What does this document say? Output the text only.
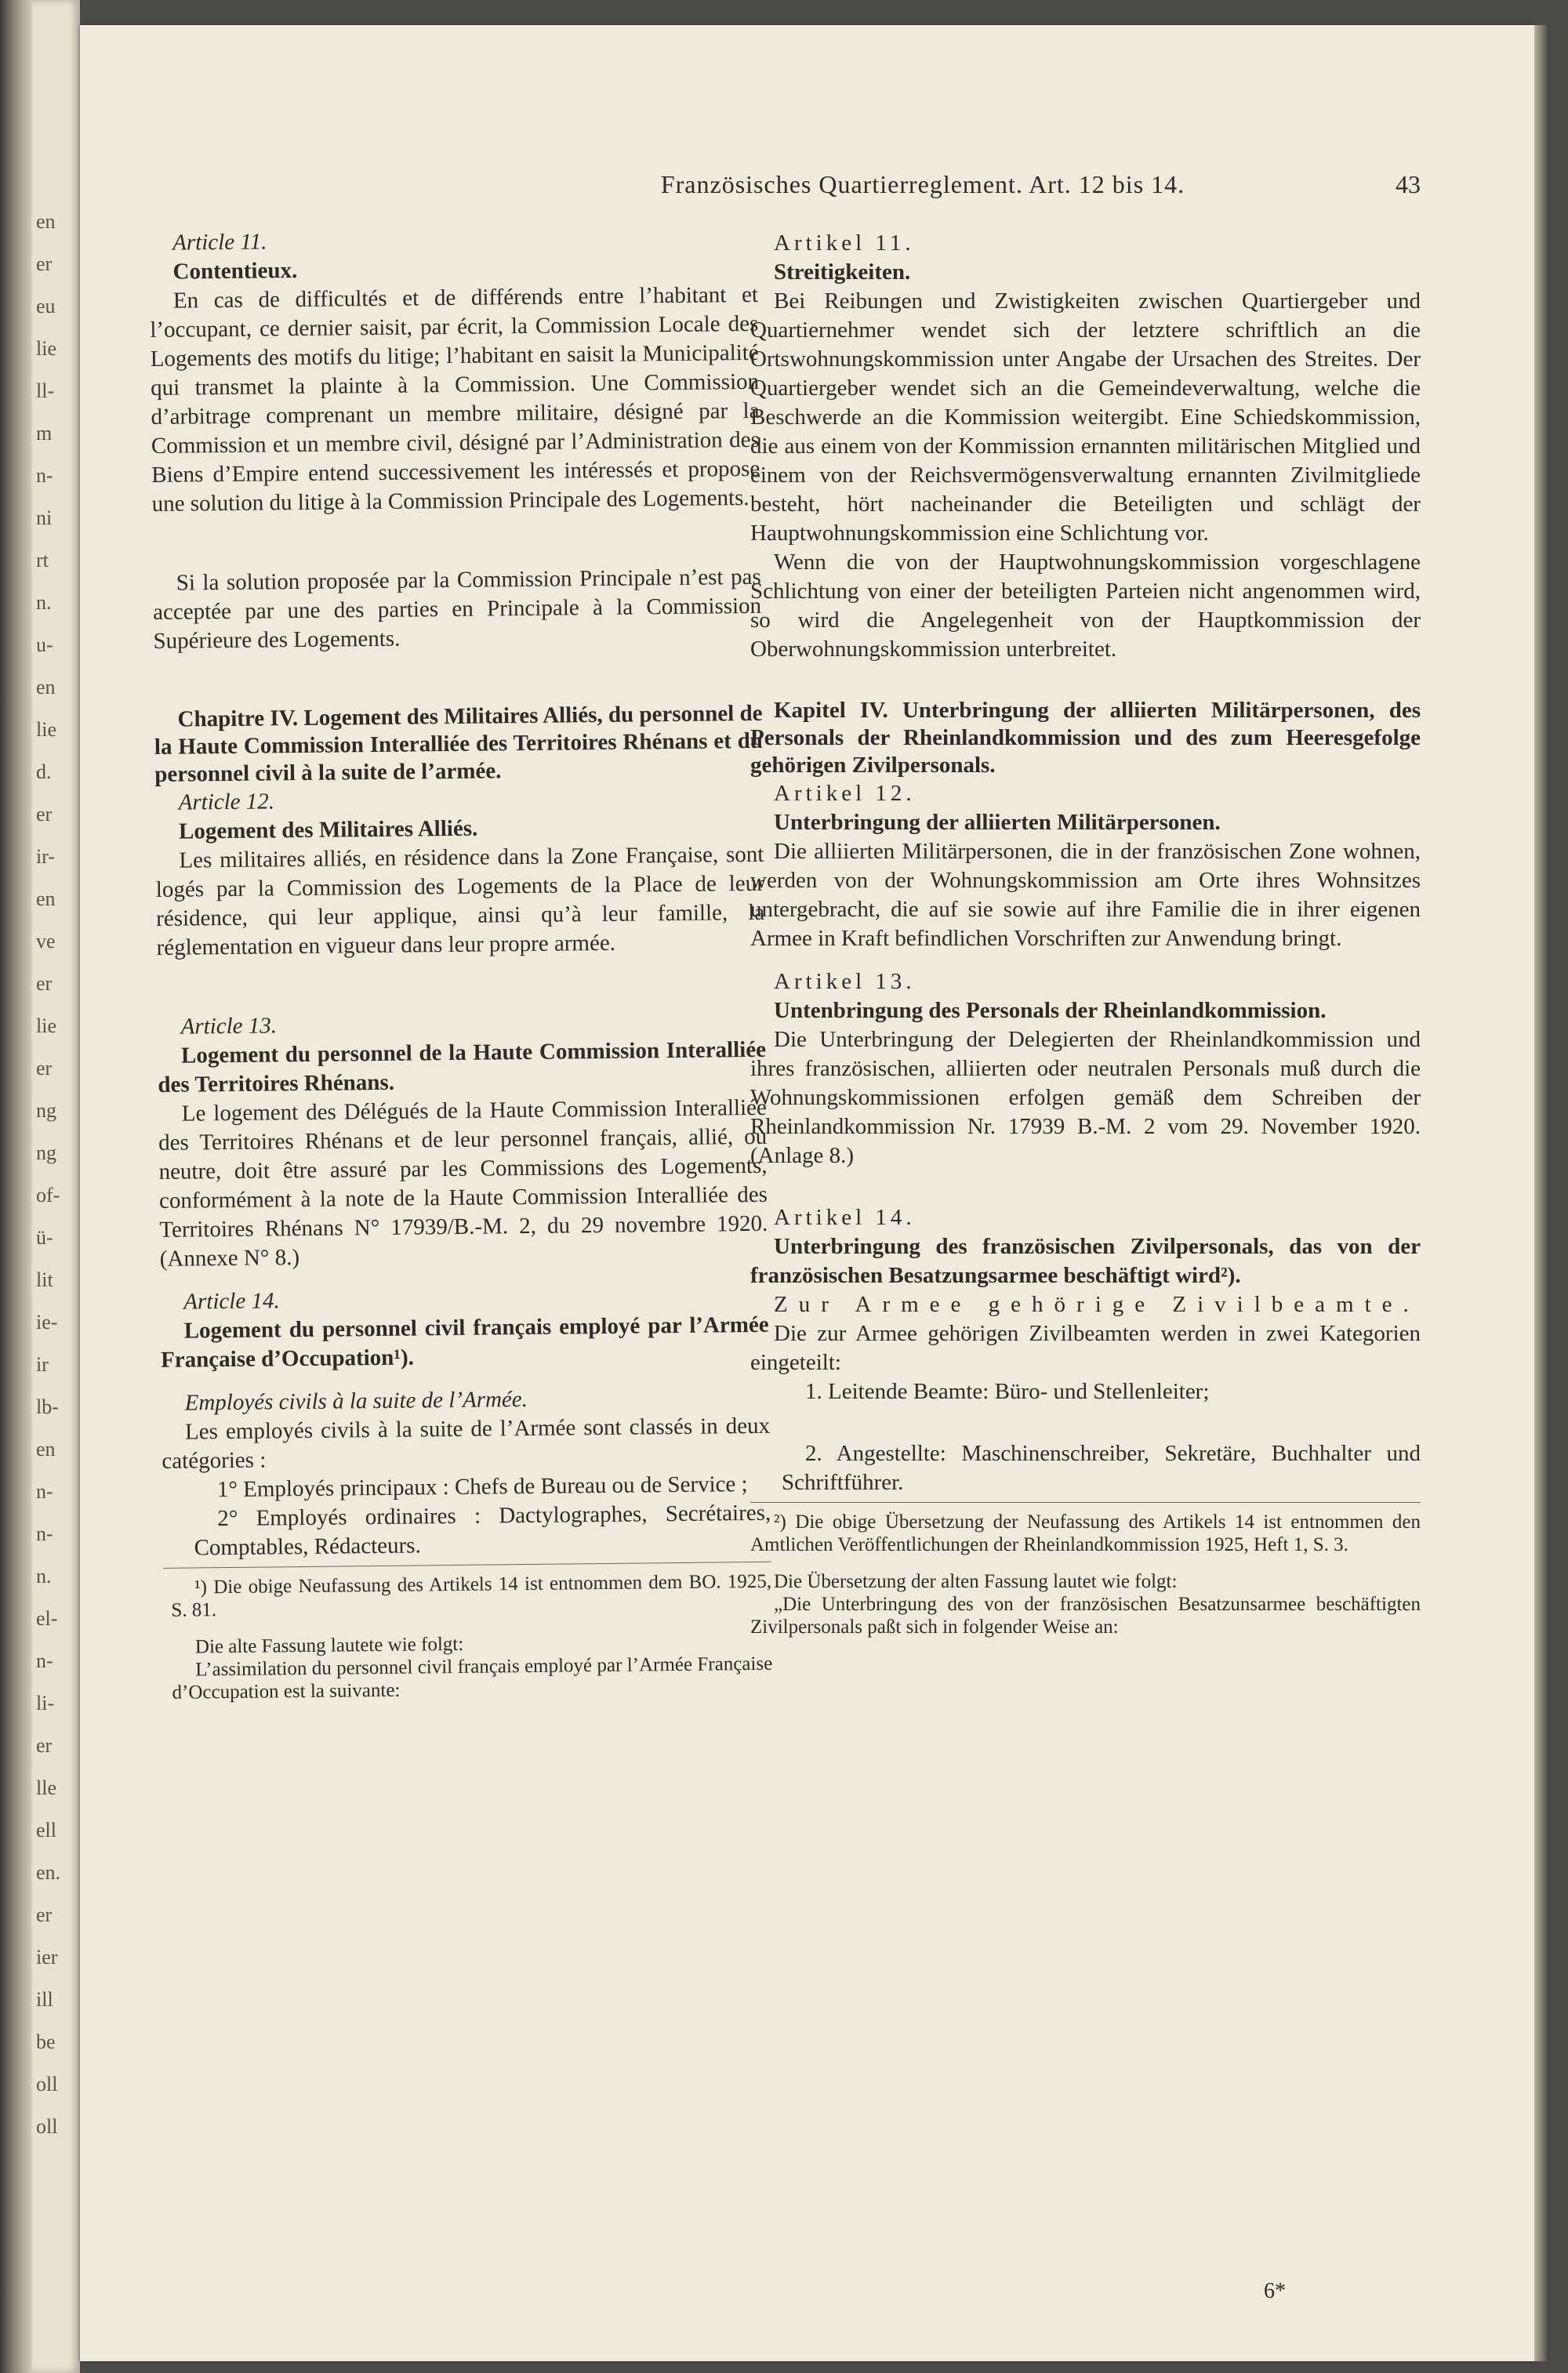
en
er
eu
lie
ll-
m
n-
ni
rt
n.
u-
en
lie
d.
er
ir-
en
ve
er
lie
er
ng
ng
of-
ü-
lit
ie-
ir
lb-
en
n-
n-
n.
el-
n-
li-
er
lle
ell
en.
er
ier
ill
be
oll
oll
Französisches Quartierreglement. Art. 12 bis 14.	43

Article 11.

Contentieux.

En cas de difficultés et de différends entre l’habitant et l’occupant, ce dernier saisit, par écrit, la Commission Locale des Logements des motifs du litige; l’habitant en saisit la Municipalité qui transmet la plainte à la Commission. Une Commission d’arbitrage comprenant un membre militaire, désigné par la Commission et un membre civil, désigné par l’Administration des Biens d’Empire entend successivement les intéressés et propose une solution du litige à la Commission Principale des Logements.

Si la solution proposée par la Commission Principale n’est pas acceptée par une des parties en Principale à la Commission Supérieure des Logements.

Chapitre IV. Logement des Militaires Alliés, du personnel de la Haute Commission Interalliée des Territoires Rhénans et du personnel civil à la suite de l’armée.

Article 12.

Logement des Militaires Alliés.

Les militaires alliés, en résidence dans la Zone Française, sont logés par la Commission des Logements de la Place de leur résidence, qui leur applique, ainsi qu’à leur famille, la réglementation en vigueur dans leur propre armée.

Article 13.

Logement du personnel de la Haute Commission Interalliée des Territoires Rhénans.

Le logement des Délégués de la Haute Commission Interalliée des Territoires Rhénans et de leur personnel français, allié, ou neutre, doit être assuré par les Commissions des Logements, conformément à la note de la Haute Commission Interalliée des Territoires Rhénans N° 17939/B.-M. 2, du 29 novembre 1920. (Annexe N° 8.)

Article 14.

Logement du personnel civil français employé par l’Armée Française d’Occupation¹).

Employés civils à la suite de l’Armée.

Les employés civils à la suite de l’Armée sont classés in deux catégories :

1° Employés principaux : Chefs de Bureau ou de Service ;

2° Employés ordinaires : Dactylographes, Secrétaires, Comptables, Rédacteurs.

¹) Die obige Neufassung des Artikels 14 ist entnommen dem BO. 1925, S. 81.

Die alte Fassung lautete wie folgt:

L’assimilation du personnel civil français employé par l’Armée Française d’Occupation est la suivante:

Artikel 11.

Streitigkeiten.

Bei Reibungen und Zwistigkeiten zwischen Quartiergeber und Quartiernehmer wendet sich der letztere schriftlich an die Ortswohnungskommission unter Angabe der Ursachen des Streites. Der Quartiergeber wendet sich an die Gemeindeverwaltung, welche die Beschwerde an die Kommission weitergibt. Eine Schiedskommission, die aus einem von der Kommission ernannten militärischen Mitglied und einem von der Reichsvermögensverwaltung ernannten Zivilmitgliede besteht, hört nacheinander die Beteiligten und schlägt der Hauptwohnungskommission eine Schlichtung vor.

Wenn die von der Hauptwohnungskommission vorgeschlagene Schlichtung von einer der beteiligten Parteien nicht angenommen wird, so wird die Angelegenheit von der Hauptkommission der Oberwohnungskommission unterbreitet.

Kapitel IV. Unterbringung der alliierten Militärpersonen, des Personals der Rheinlandkommission und des zum Heeresgefolge gehörigen Zivilpersonals.

Artikel 12.

Unterbringung der alliierten Militärpersonen.

Die alliierten Militärpersonen, die in der französischen Zone wohnen, werden von der Wohnungskommission am Orte ihres Wohnsitzes untergebracht, die auf sie sowie auf ihre Familie die in ihrer eigenen Armee in Kraft befindlichen Vorschriften zur Anwendung bringt.

Artikel 13.

Untenbringung des Personals der Rheinlandkommission.

Die Unterbringung der Delegierten der Rheinlandkommission und ihres französischen, alliierten oder neutralen Personals muß durch die Wohnungskommissionen erfolgen gemäß dem Schreiben der Rheinlandkommission Nr. 17939 B.-M. 2 vom 29. November 1920. (Anlage 8.)

Artikel 14.

Unterbringung des französischen Zivilpersonals, das von der französischen Besatzungsarmee beschäftigt wird²).

Zur Armee gehörige Zivilbeamte.

Die zur Armee gehörigen Zivilbeamten werden in zwei Kategorien eingeteilt:

1. Leitende Beamte: Büro- und Stellenleiter;

2. Angestellte: Maschinenschreiber, Sekretäre, Buchhalter und Schriftführer.

²) Die obige Übersetzung der Neufassung des Artikels 14 ist entnommen den Amtlichen Veröffentlichungen der Rheinlandkommission 1925, Heft 1, S. 3.

Die Übersetzung der alten Fassung lautet wie folgt:

„Die Unterbringung des von der französischen Besatzunsarmee beschäftigten Zivilpersonals paßt sich in folgender Weise an:

6*
